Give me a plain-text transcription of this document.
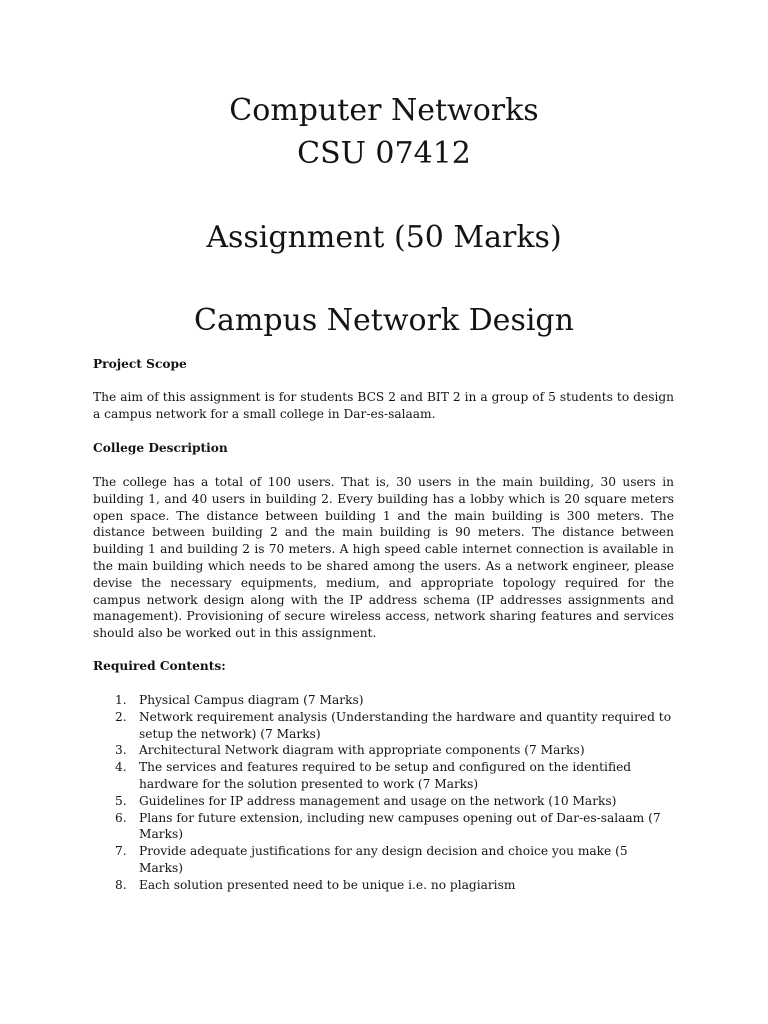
Computer Networks
CSU 07412
Assignment (50 Marks)
Campus Network Design
Project Scope
The aim of this assignment is for students BCS 2 and BIT 2 in a group of 5 students to design a campus network for a small college in Dar-es-salaam.
College Description
The college has a total of 100 users. That is, 30 users in the main building, 30 users in building 1, and 40 users in building 2. Every building has a lobby which is 20 square meters open space. The distance between building 1 and the main building is 300 meters. The distance between building 2 and the main building is 90 meters. The distance between building 1 and building 2 is 70 meters. A high speed cable internet connection is available in the main building which needs to be shared among the users. As a network engineer, please devise the necessary equipments, medium, and appropriate topology required for the campus network design along with the IP address schema (IP addresses assignments and management). Provisioning of secure wireless access, network sharing features and services should also be worked out in this assignment.
Required Contents:
1. Physical Campus diagram (7 Marks)
2. Network requirement analysis (Understanding the hardware and quantity required to setup the network) (7 Marks)
3. Architectural Network diagram with appropriate components (7 Marks)
4. The services and features required to be setup and configured on the identified hardware for the solution presented to work (7 Marks)
5. Guidelines for IP address management and usage on the network (10 Marks)
6. Plans for future extension, including new campuses opening out of Dar-es-salaam (7 Marks)
7. Provide adequate justifications for any design decision and choice you make (5 Marks)
8. Each solution presented need to be unique i.e. no plagiarism
